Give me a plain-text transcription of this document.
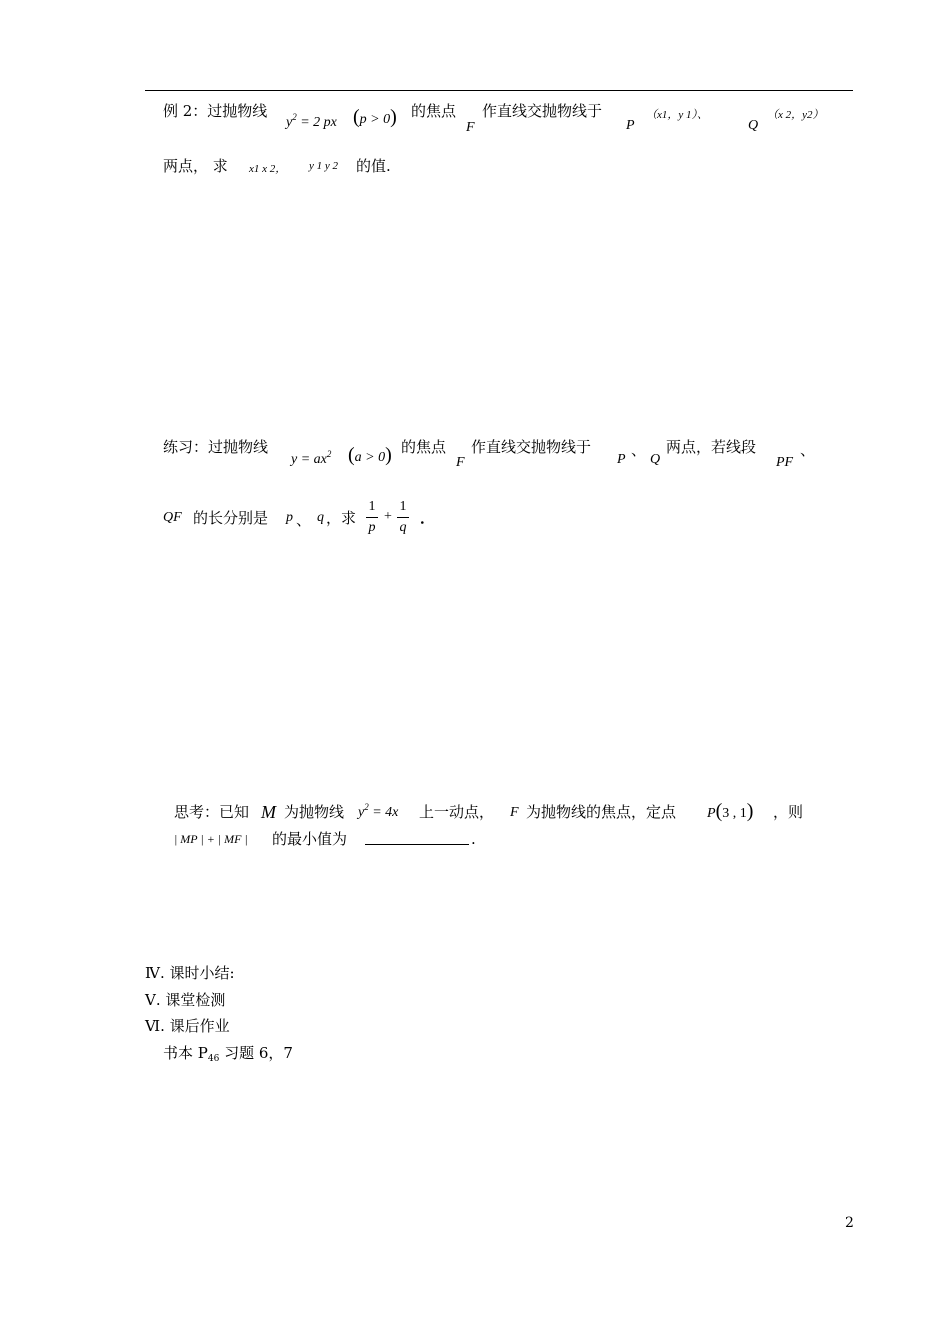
例 2：过抛物线
$y^2 = 2$ px (p > 0) 的焦点
F
作直线交抛物线于
P
（x1，y 1）、
Q
（x 2，y2）
两点， 求 x1 x 2， y 1 y 2 的值.
练习：过抛物线
$y = ax^2$ (a > 0) 的焦点
F
作直线交抛物线于
P
、
Q
两点，若线段
PF
、
QF 的长分别是 p 、 q ，求
1
p
+
1
q
．
思考：已知 M 为抛物线 $y^2 = 4x$ 上一动点， F 为抛物线的焦点，定点 P(3 , 1) ，则
| MP | + | MF | 的最小值为	.
Ⅳ. 课时小结:
Ⅴ. 课堂检测
Ⅵ. 课后作业
书本 $P_{46}$ 习题 6，7
2
